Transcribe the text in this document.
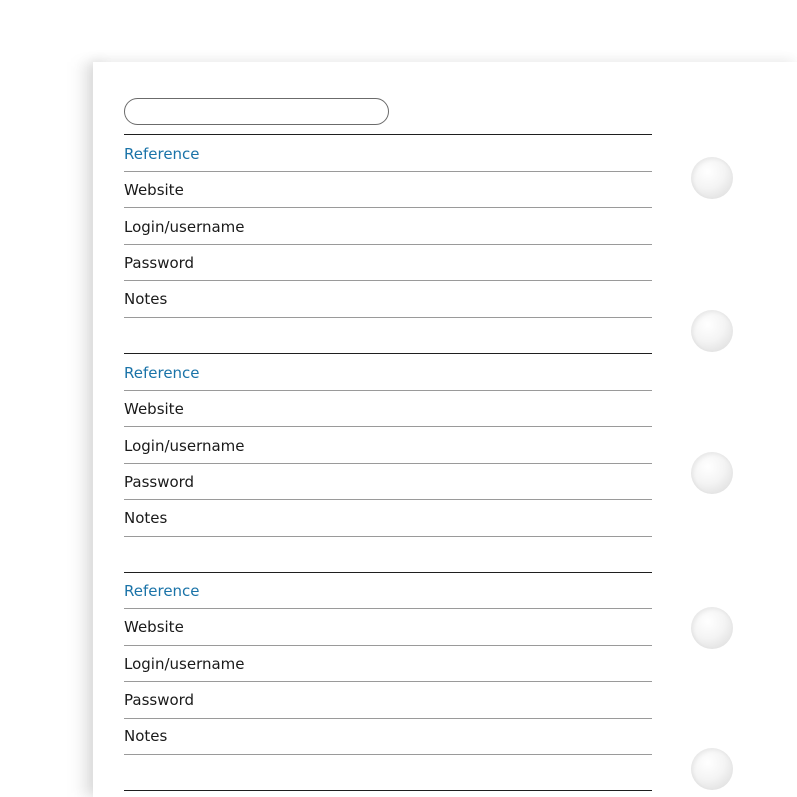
Reference
Website
Login/username
Password
Notes
Reference
Website
Login/username
Password
Notes
Reference
Website
Login/username
Password
Notes
